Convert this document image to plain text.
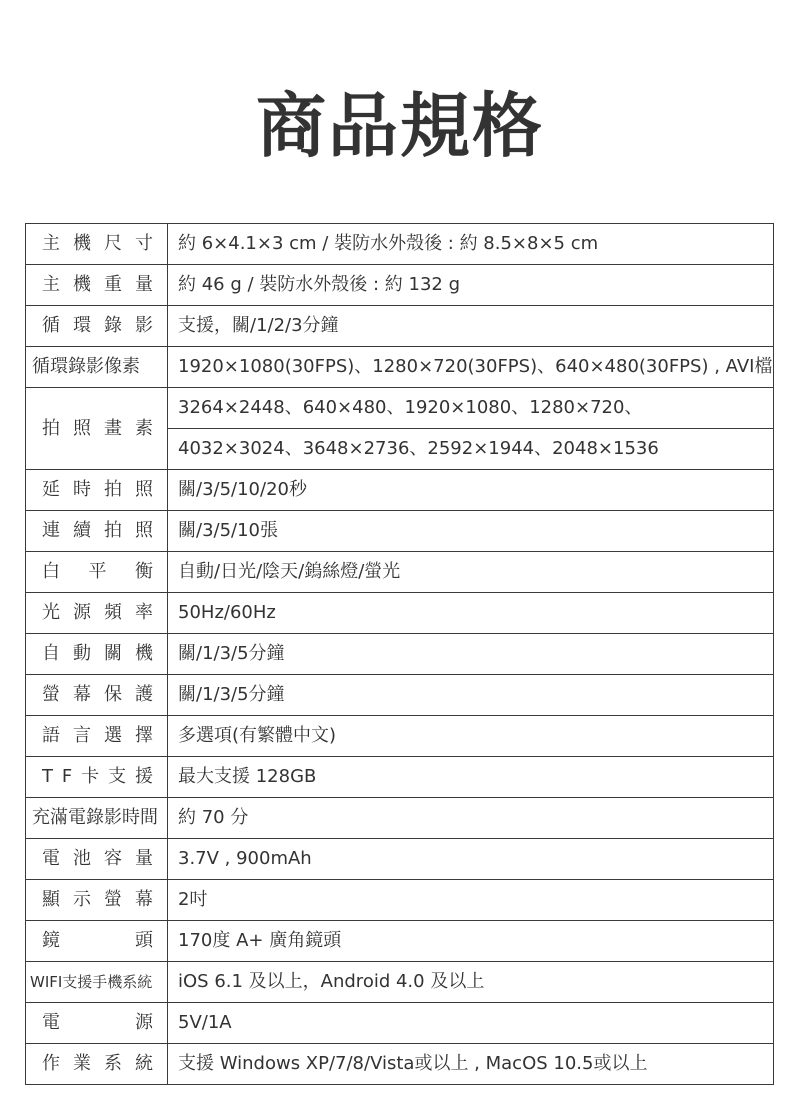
商品規格
主 機 尺 寸	約 6×4.1×3 cm / 裝防水外殼後 : 約 8.5×8×5 cm

主 機 重 量	約 46 g / 裝防水外殼後 : 約 132 g

循 環 錄 影	支援，關/1/2/3分鐘

循環錄影像素	1920×1080(30FPS)、1280×720(30FPS)、640×480(30FPS) , AVI檔

拍 照 畫 素	3264×2448、640×480、1920×1080、1280×720、
	4032×3024、3648×2736、2592×1944、2048×1536

延 時 拍 照	關/3/5/10/20秒

連 續 拍 照	關/3/5/10張

白 平 衡	自動/日光/陰天/鎢絲燈/螢光

光 源 頻 率	50Hz/60Hz

自 動 關 機	關/1/3/5分鐘

螢 幕 保 護	關/1/3/5分鐘

語 言 選 擇	多選項(有繁體中文)

T F 卡 支 援	最大支援 128GB

充滿電錄影時間	約 70 分

電 池 容 量	3.7V , 900mAh

顯 示 螢 幕	2吋

鏡 頭	170度 A+ 廣角鏡頭

WIFI支援手機系統	iOS 6.1 及以上，Android 4.0 及以上

電 源	5V/1A

作 業 系 統	支援 Windows XP/7/8/Vista或以上 , MacOS 10.5或以上
